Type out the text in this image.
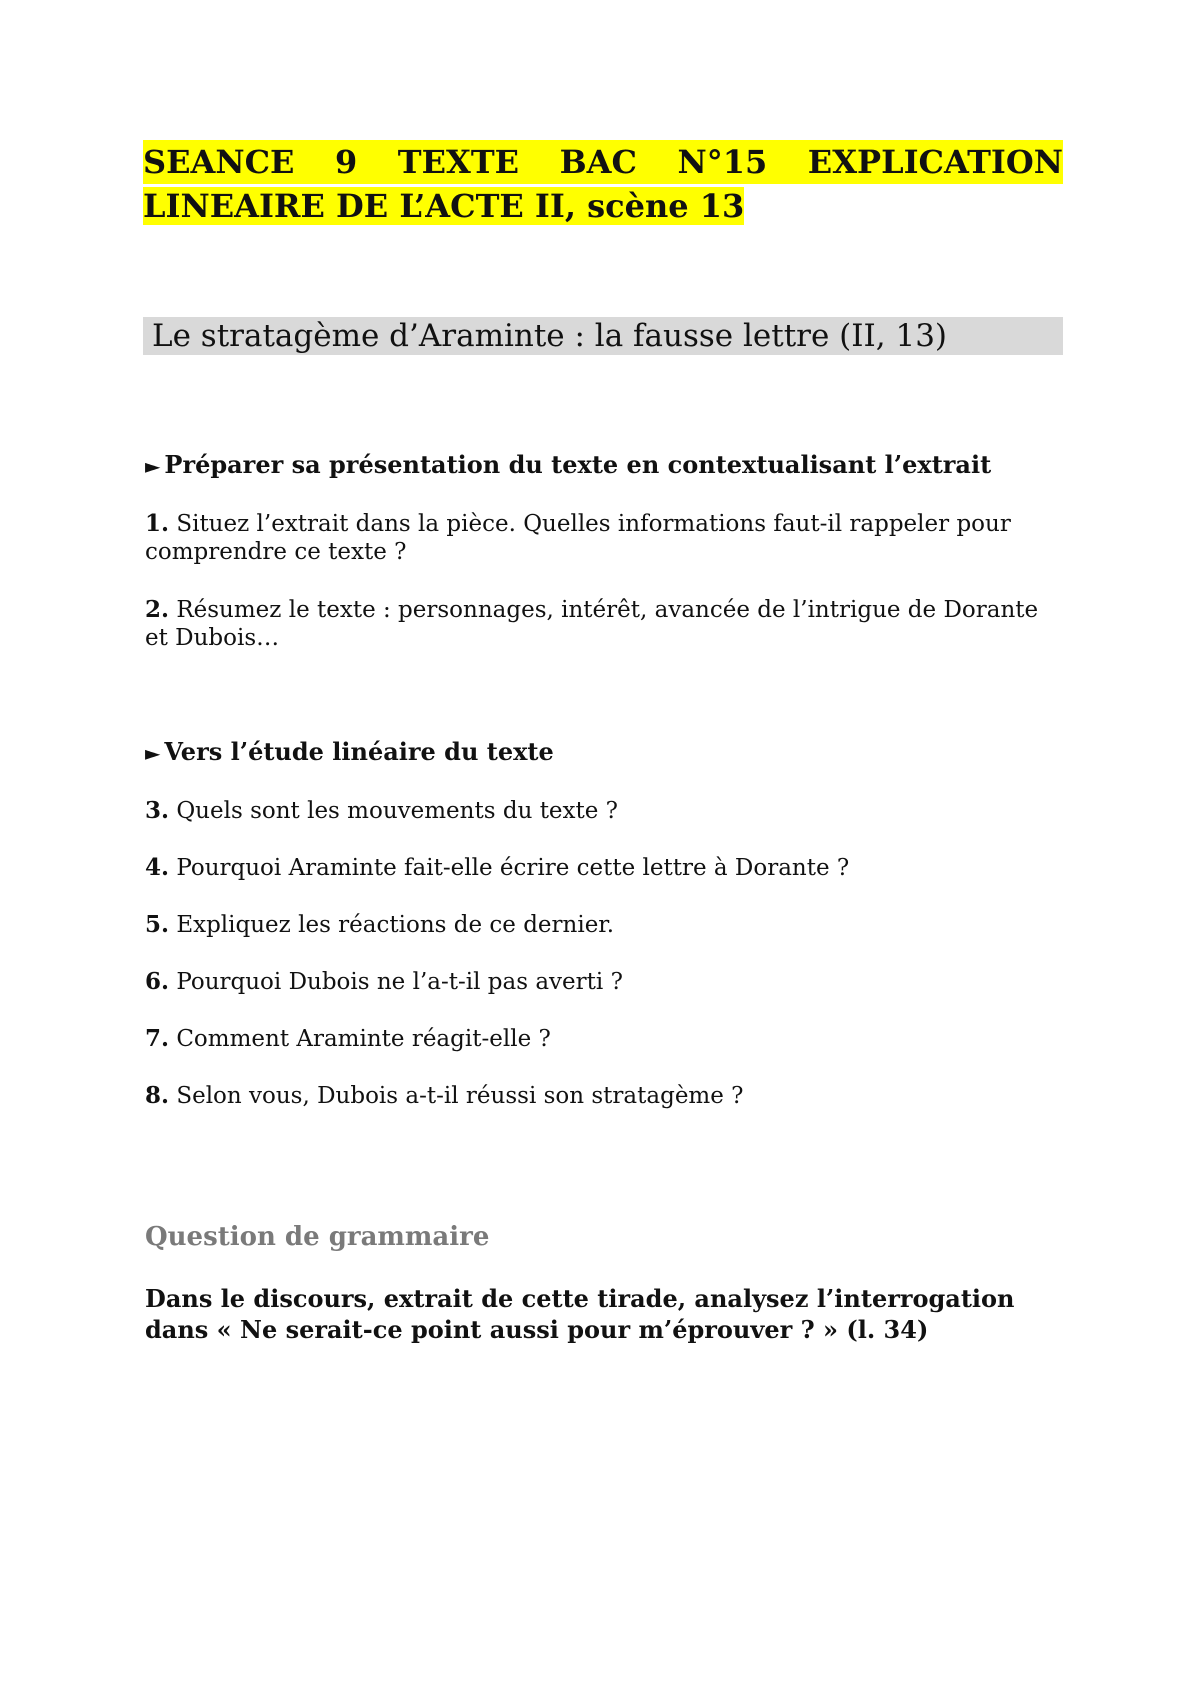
SEANCE 9 TEXTE BAC N°15 EXPLICATION
LINEAIRE DE L’ACTE II, scène 13
Le stratagème d’Araminte : la fausse lettre (II, 13)
► Préparer sa présentation du texte en contextualisant l’extrait
1. Situez l’extrait dans la pièce. Quelles informations faut-il rappeler pour comprendre ce texte ?
2. Résumez le texte : personnages, intérêt, avancée de l’intrigue de Dorante et Dubois…
► Vers l’étude linéaire du texte
3. Quels sont les mouvements du texte ?
4. Pourquoi Araminte fait-elle écrire cette lettre à Dorante ?
5. Expliquez les réactions de ce dernier.
6. Pourquoi Dubois ne l’a-t-il pas averti ?
7. Comment Araminte réagit-elle ?
8. Selon vous, Dubois a-t-il réussi son stratagème ?
Question de grammaire
Dans le discours, extrait de cette tirade, analysez l’interrogation dans « Ne serait-ce point aussi pour m’éprouver ? » (l. 34)
